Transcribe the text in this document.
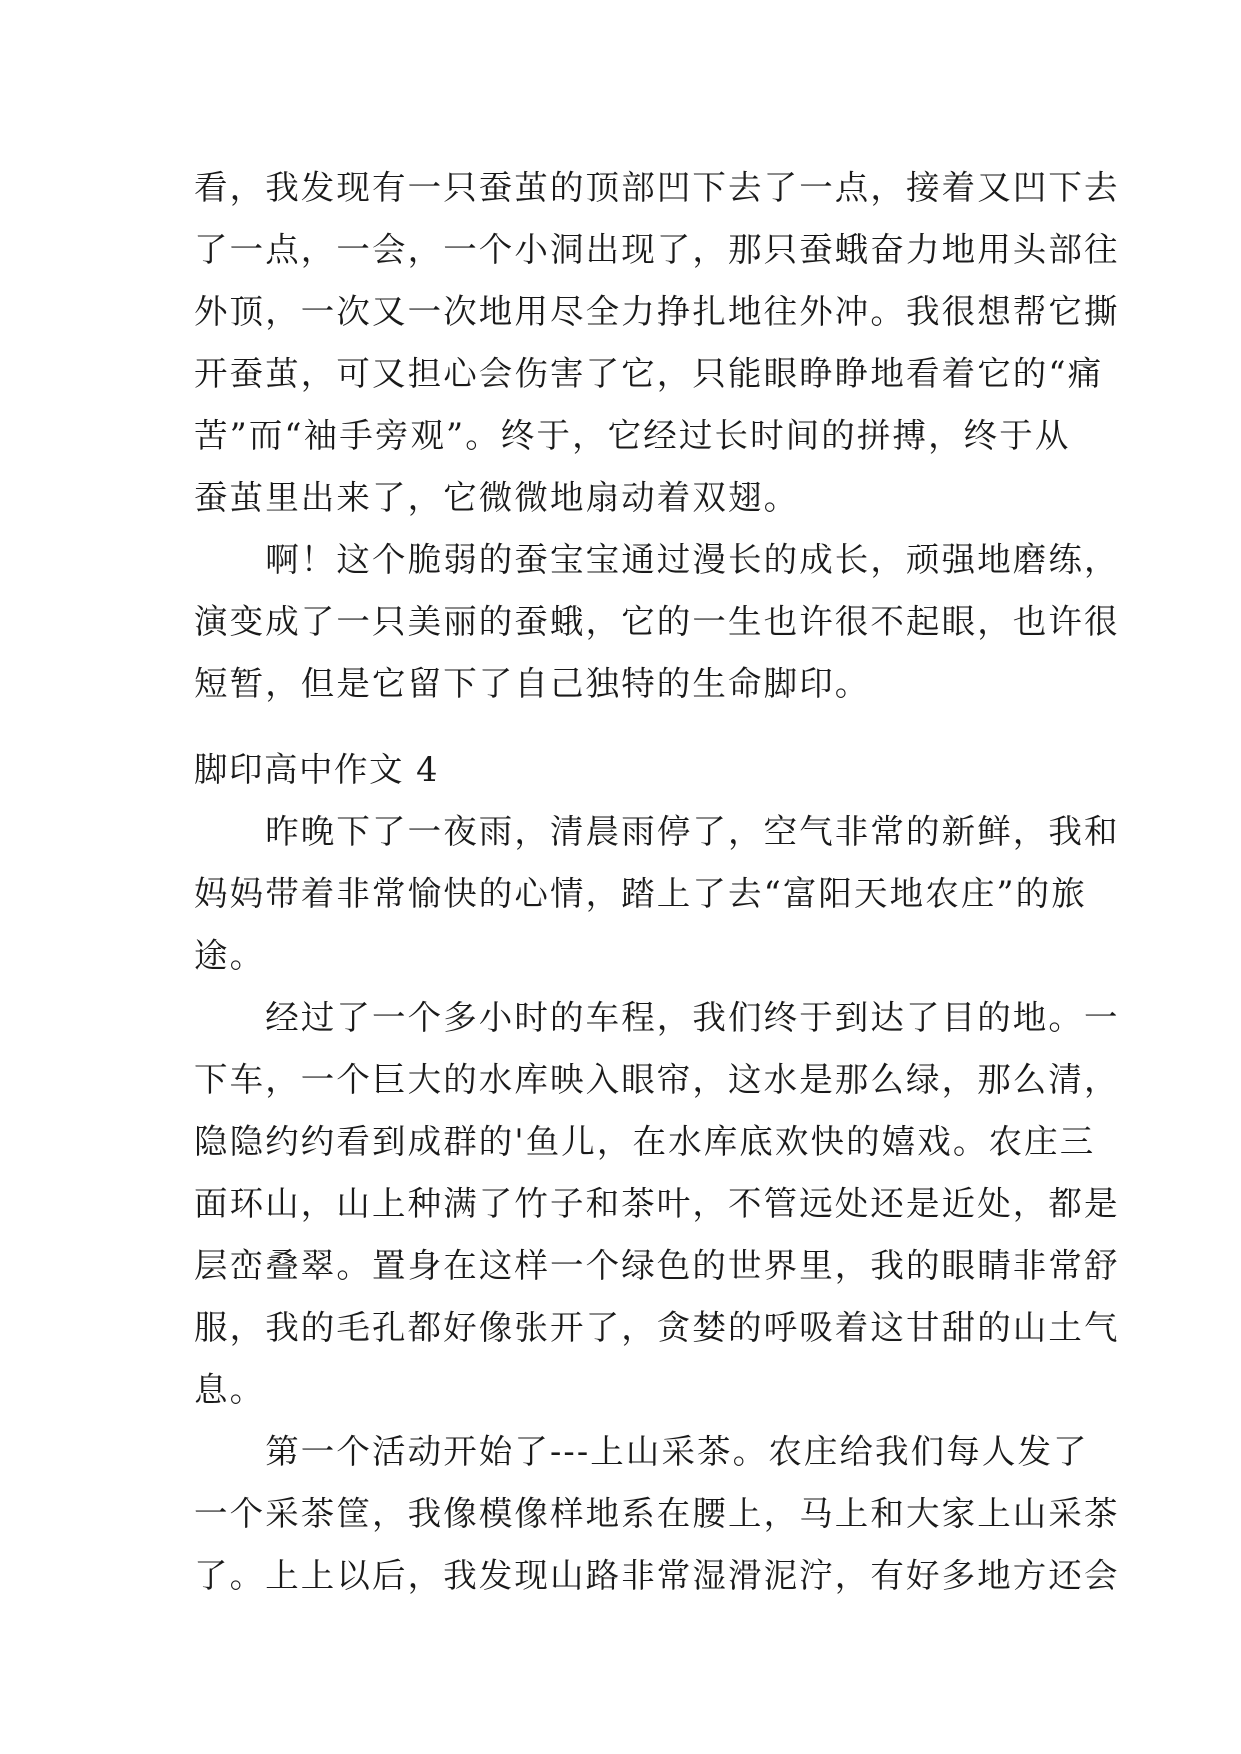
看，我发现有一只蚕茧的顶部凹下去了一点，接着又凹下去
了一点，一会，一个小洞出现了，那只蚕蛾奋力地用头部往
外顶，一次又一次地用尽全力挣扎地往外冲。我很想帮它撕
开蚕茧，可又担心会伤害了它，只能眼睁睁地看着它的“痛
苦”而“袖手旁观”。终于，它经过长时间的拼搏，终于从
蚕茧里出来了，它微微地扇动着双翅。
　　啊！这个脆弱的蚕宝宝通过漫长的成长，顽强地磨练，
演变成了一只美丽的蚕蛾，它的一生也许很不起眼，也许很
短暂，但是它留下了自己独特的生命脚印。
脚印高中作文 4
　　昨晚下了一夜雨，清晨雨停了，空气非常的新鲜，我和
妈妈带着非常愉快的心情，踏上了去“富阳天地农庄”的旅
途。
　　经过了一个多小时的车程，我们终于到达了目的地。一
下车，一个巨大的水库映入眼帘，这水是那么绿，那么清，
隐隐约约看到成群的'鱼儿，在水库底欢快的嬉戏。农庄三
面环山，山上种满了竹子和茶叶，不管远处还是近处，都是
层峦叠翠。置身在这样一个绿色的世界里，我的眼睛非常舒
服，我的毛孔都好像张开了，贪婪的呼吸着这甘甜的山土气
息。
　　第一个活动开始了---上山采茶。农庄给我们每人发了
一个采茶筐，我像模像样地系在腰上，马上和大家上山采茶
了。上上以后，我发现山路非常湿滑泥泞，有好多地方还会
